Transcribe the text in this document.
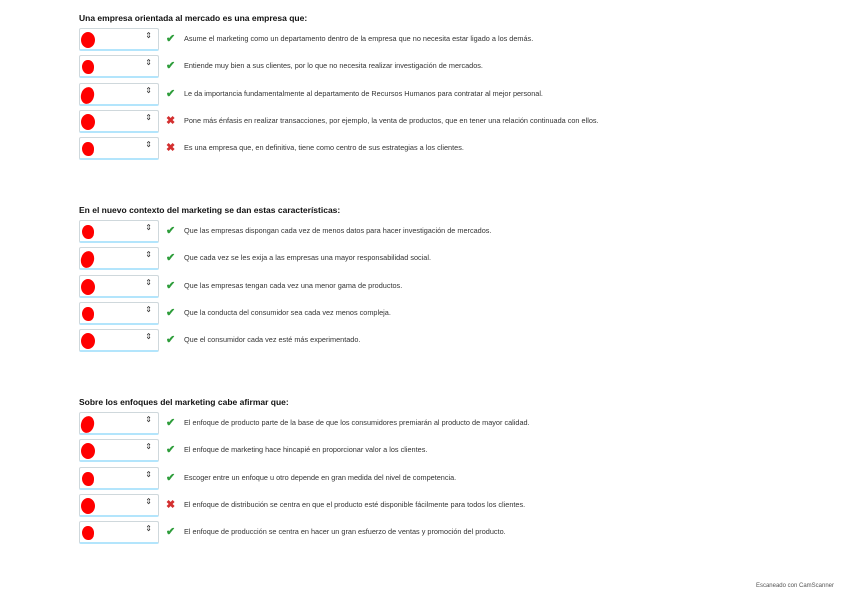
Una empresa orientada al mercado es una empresa que:
⇕ ✔ Asume el marketing como un departamento dentro de la empresa que no necesita estar ligado a los demás.
⇕ ✔ Entiende muy bien a sus clientes, por lo que no necesita realizar investigación de mercados.
⇕ ✔ Le da importancia fundamentalmente al departamento de Recursos Humanos para contratar al mejor personal.
⇕ ✖ Pone más énfasis en realizar transacciones, por ejemplo, la venta de productos, que en tener una relación continuada con ellos.
⇕ ✖ Es una empresa que, en definitiva, tiene como centro de sus estrategias a los clientes.
En el nuevo contexto del marketing se dan estas características:
⇕ ✔ Que las empresas dispongan cada vez de menos datos para hacer investigación de mercados.
⇕ ✔ Que cada vez se les exija a las empresas una mayor responsabilidad social.
⇕ ✔ Que las empresas tengan cada vez una menor gama de productos.
⇕ ✔ Que la conducta del consumidor sea cada vez menos compleja.
⇕ ✔ Que el consumidor cada vez esté más experimentado.
Sobre los enfoques del marketing cabe afirmar que:
⇕ ✔ El enfoque de producto parte de la base de que los consumidores premiarán al producto de mayor calidad.
⇕ ✔ El enfoque de marketing hace hincapié en proporcionar valor a los clientes.
⇕ ✔ Escoger entre un enfoque u otro depende en gran medida del nivel de competencia.
⇕ ✖ El enfoque de distribución se centra en que el producto esté disponible fácilmente para todos los clientes.
⇕ ✔ El enfoque de producción se centra en hacer un gran esfuerzo de ventas y promoción del producto.
Escaneado con CamScanner
